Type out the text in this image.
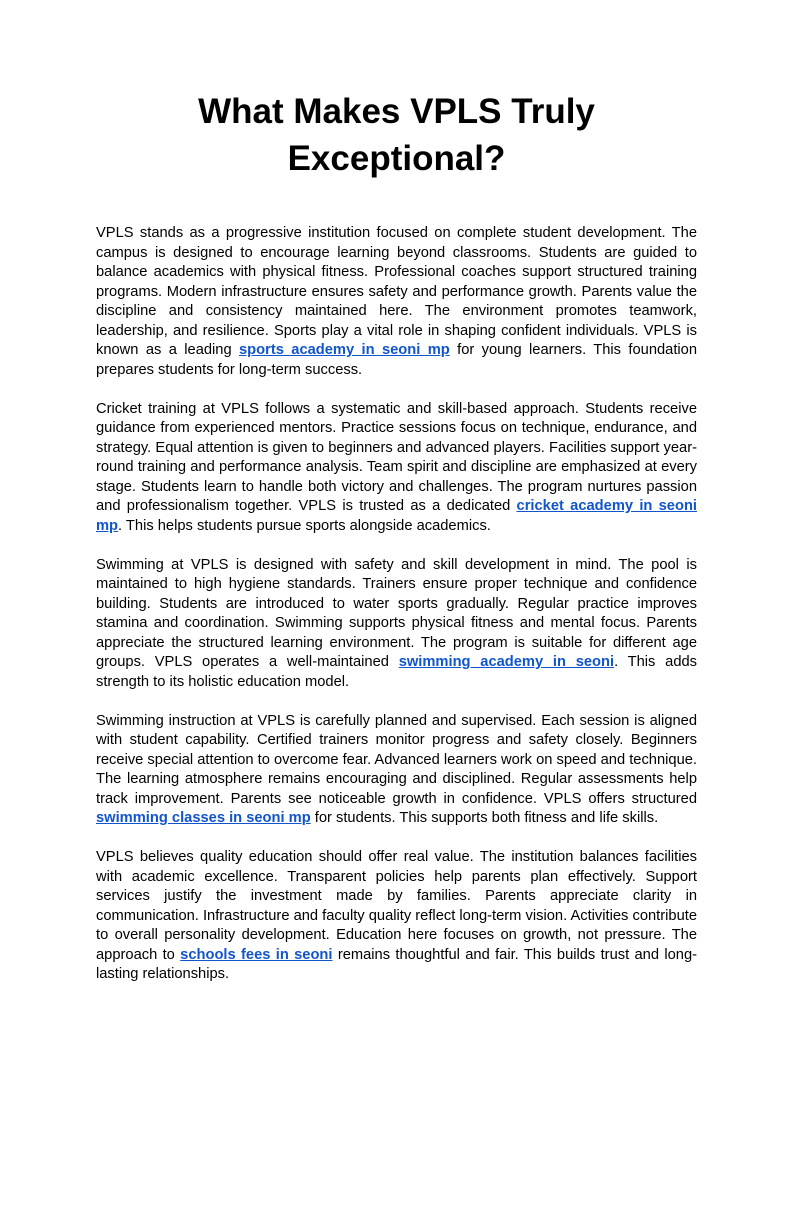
What Makes VPLS Truly Exceptional?

VPLS stands as a progressive institution focused on complete student development. The campus is designed to encourage learning beyond classrooms. Students are guided to balance academics with physical fitness. Professional coaches support structured training programs. Modern infrastructure ensures safety and performance growth. Parents value the discipline and consistency maintained here. The environment promotes teamwork, leadership, and resilience. Sports play a vital role in shaping confident individuals. VPLS is known as a leading sports academy in seoni mp for young learners. This foundation prepares students for long-term success.

Cricket training at VPLS follows a systematic and skill-based approach. Students receive guidance from experienced mentors. Practice sessions focus on technique, endurance, and strategy. Equal attention is given to beginners and advanced players. Facilities support year-round training and performance analysis. Team spirit and discipline are emphasized at every stage. Students learn to handle both victory and challenges. The program nurtures passion and professionalism together. VPLS is trusted as a dedicated cricket academy in seoni mp. This helps students pursue sports alongside academics.

Swimming at VPLS is designed with safety and skill development in mind. The pool is maintained to high hygiene standards. Trainers ensure proper technique and confidence building. Students are introduced to water sports gradually. Regular practice improves stamina and coordination. Swimming supports physical fitness and mental focus. Parents appreciate the structured learning environment. The program is suitable for different age groups. VPLS operates a well-maintained swimming academy in seoni. This adds strength to its holistic education model.

Swimming instruction at VPLS is carefully planned and supervised. Each session is aligned with student capability. Certified trainers monitor progress and safety closely. Beginners receive special attention to overcome fear. Advanced learners work on speed and technique. The learning atmosphere remains encouraging and disciplined. Regular assessments help track improvement. Parents see noticeable growth in confidence. VPLS offers structured swimming classes in seoni mp for students. This supports both fitness and life skills.

VPLS believes quality education should offer real value. The institution balances facilities with academic excellence. Transparent policies help parents plan effectively. Support services justify the investment made by families. Parents appreciate clarity in communication. Infrastructure and faculty quality reflect long-term vision. Activities contribute to overall personality development. Education here focuses on growth, not pressure. The approach to schools fees in seoni remains thoughtful and fair. This builds trust and long-lasting relationships.
